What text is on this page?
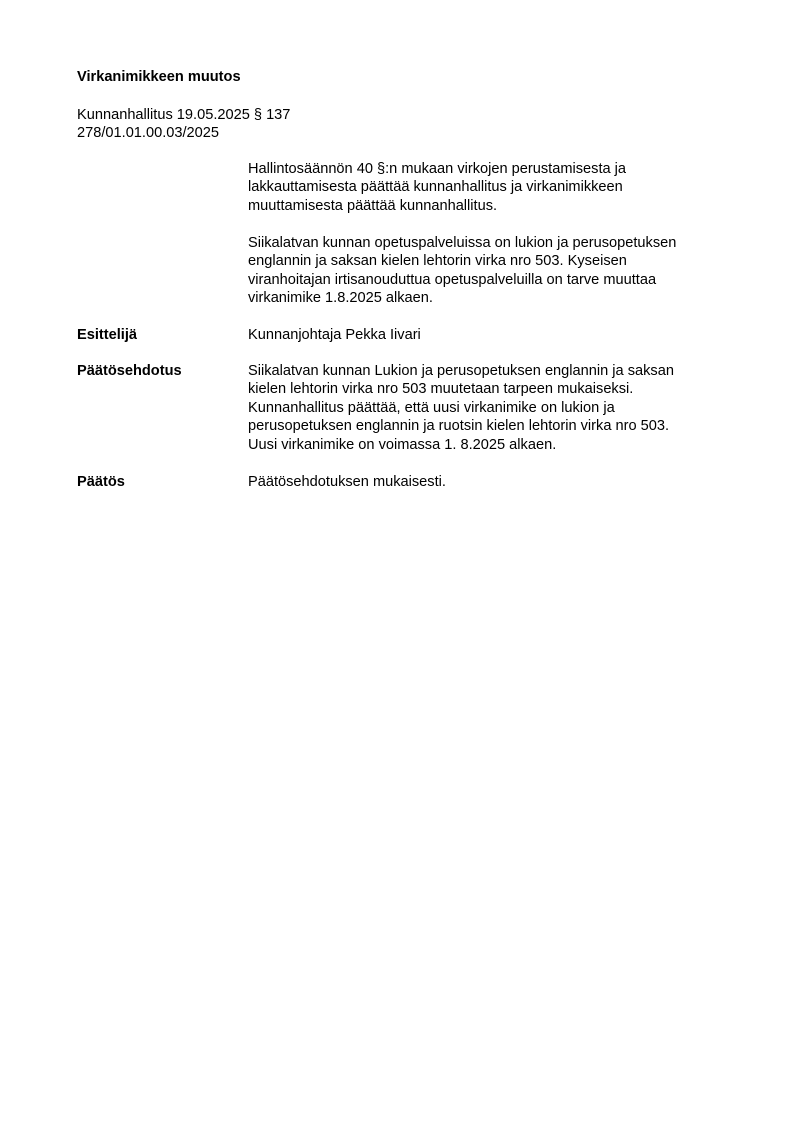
Virkanimikkeen muutos
Kunnanhallitus 19.05.2025 § 137
278/01.01.00.03/2025
Hallintosäännön 40 §:n mukaan virkojen perustamisesta ja
lakkauttamisesta päättää kunnanhallitus ja virkanimikkeen
muuttamisesta päättää kunnanhallitus.
Siikalatvan kunnan opetuspalveluissa on lukion ja perusopetuksen
englannin ja saksan kielen lehtorin virka nro 503. Kyseisen
viranhoitajan irtisanouduttua opetuspalveluilla on tarve muuttaa
virkanimike 1.8.2025 alkaen.
Esittelijä	Kunnanjohtaja Pekka Iivari
Päätösehdotus	Siikalatvan kunnan Lukion ja perusopetuksen englannin ja saksan
kielen lehtorin virka nro 503 muutetaan tarpeen mukaiseksi.
Kunnanhallitus päättää, että uusi virkanimike on lukion ja
perusopetuksen englannin ja ruotsin kielen lehtorin virka nro 503.
Uusi virkanimike on voimassa 1. 8.2025 alkaen.
Päätös	Päätösehdotuksen mukaisesti.
